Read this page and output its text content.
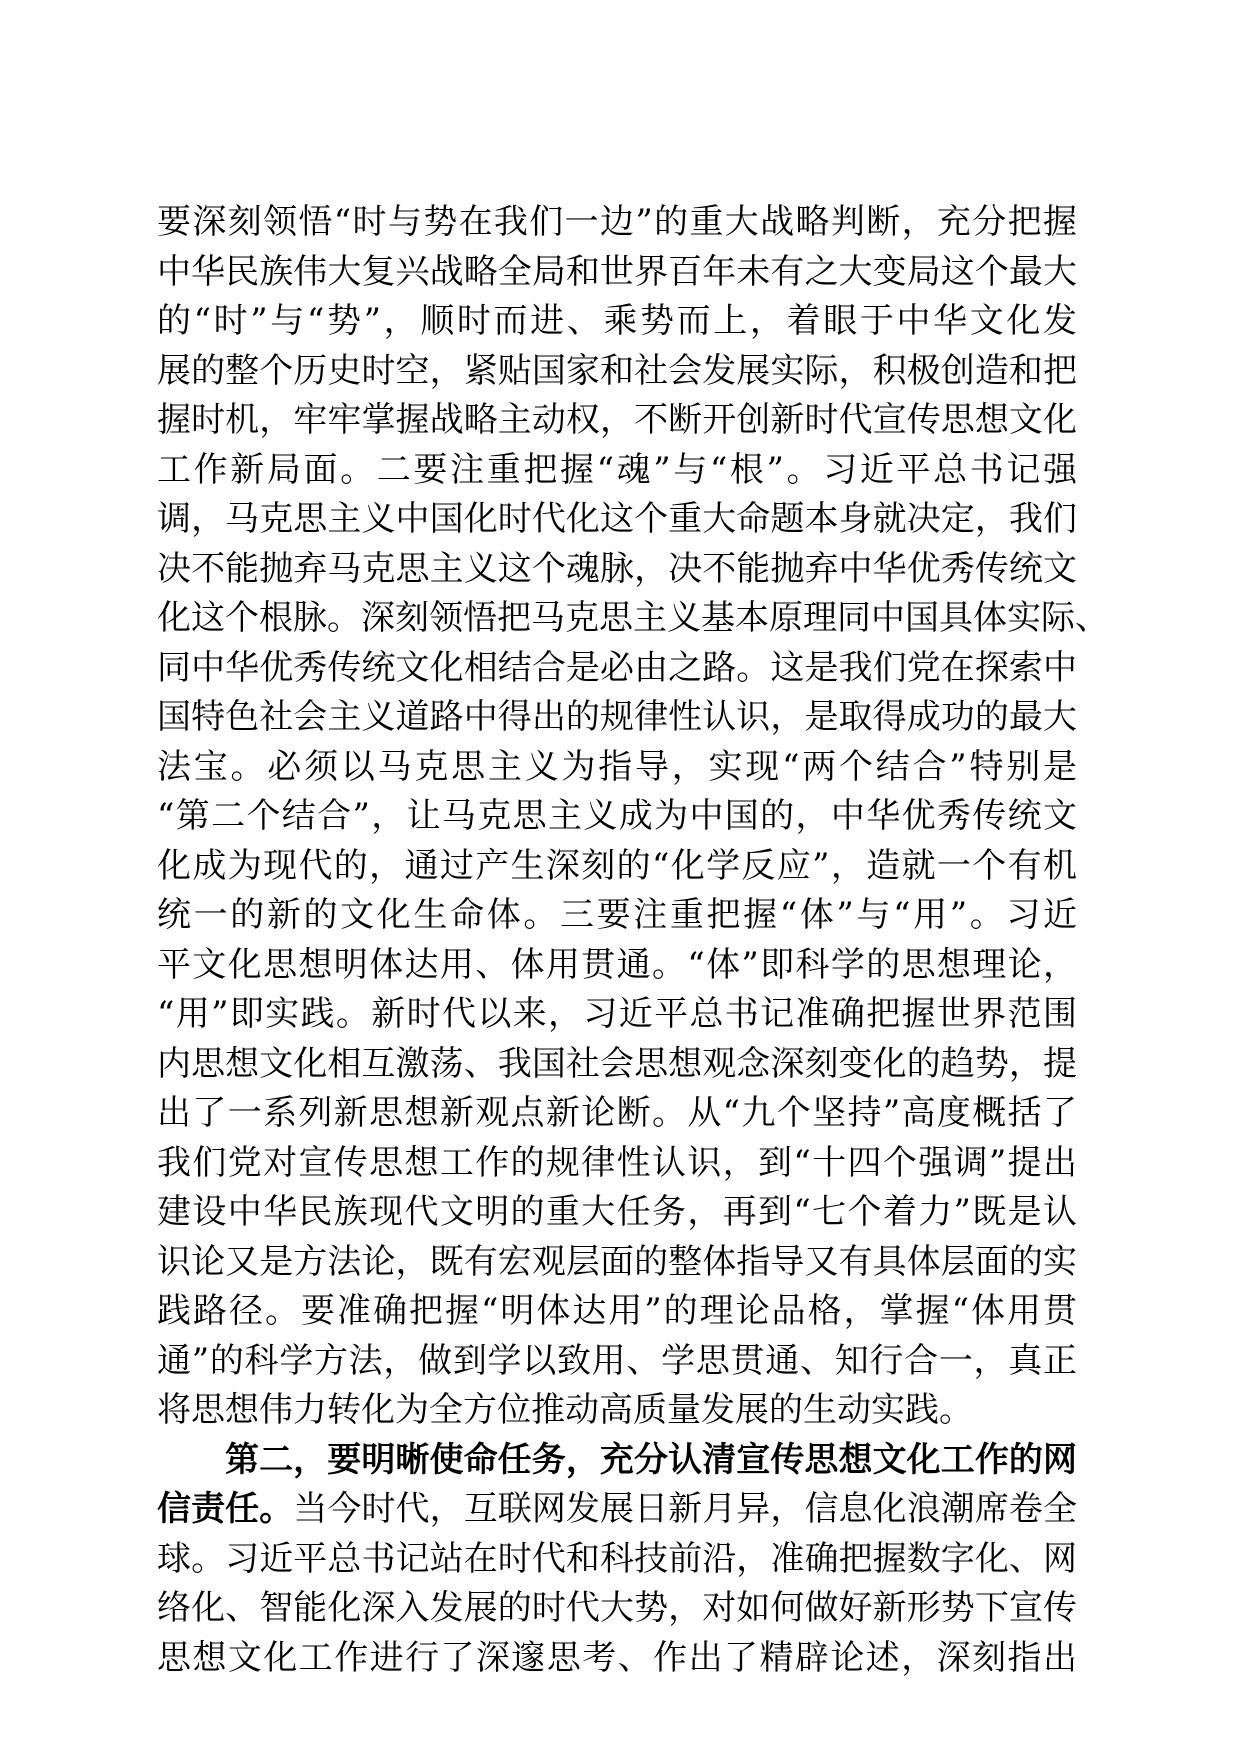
要深刻领悟“时与势在我们一边”的重大战略判断，充分把握
中华民族伟大复兴战略全局和世界百年未有之大变局这个最大
的“时”与“势”，顺时而进、乘势而上，着眼于中华文化发
展的整个历史时空，紧贴国家和社会发展实际，积极创造和把
握时机，牢牢掌握战略主动权，不断开创新时代宣传思想文化
工作新局面。二要注重把握“魂”与“根”。习近平总书记强
调，马克思主义中国化时代化这个重大命题本身就决定，我们
决不能抛弃马克思主义这个魂脉，决不能抛弃中华优秀传统文
化这个根脉。深刻领悟把马克思主义基本原理同中国具体实际、
同中华优秀传统文化相结合是必由之路。这是我们党在探索中
国特色社会主义道路中得出的规律性认识，是取得成功的最大
法宝。必须以马克思主义为指导，实现“两个结合”特别是
“第二个结合”，让马克思主义成为中国的，中华优秀传统文
化成为现代的，通过产生深刻的“化学反应”，造就一个有机
统一的新的文化生命体。三要注重把握“体”与“用”。习近
平文化思想明体达用、体用贯通。“体”即科学的思想理论，
“用”即实践。新时代以来，习近平总书记准确把握世界范围
内思想文化相互激荡、我国社会思想观念深刻变化的趋势，提
出了一系列新思想新观点新论断。从“九个坚持”高度概括了
我们党对宣传思想工作的规律性认识，到“十四个强调”提出
建设中华民族现代文明的重大任务，再到“七个着力”既是认
识论又是方法论，既有宏观层面的整体指导又有具体层面的实
践路径。要准确把握“明体达用”的理论品格，掌握“体用贯
通”的科学方法，做到学以致用、学思贯通、知行合一，真正
将思想伟力转化为全方位推动高质量发展的生动实践。
第二，要明晰使命任务，充分认清宣传思想文化工作的网
信责任。当今时代，互联网发展日新月异，信息化浪潮席卷全
球。习近平总书记站在时代和科技前沿，准确把握数字化、网
络化、智能化深入发展的时代大势，对如何做好新形势下宣传
思想文化工作进行了深邃思考、作出了精辟论述，深刻指出
